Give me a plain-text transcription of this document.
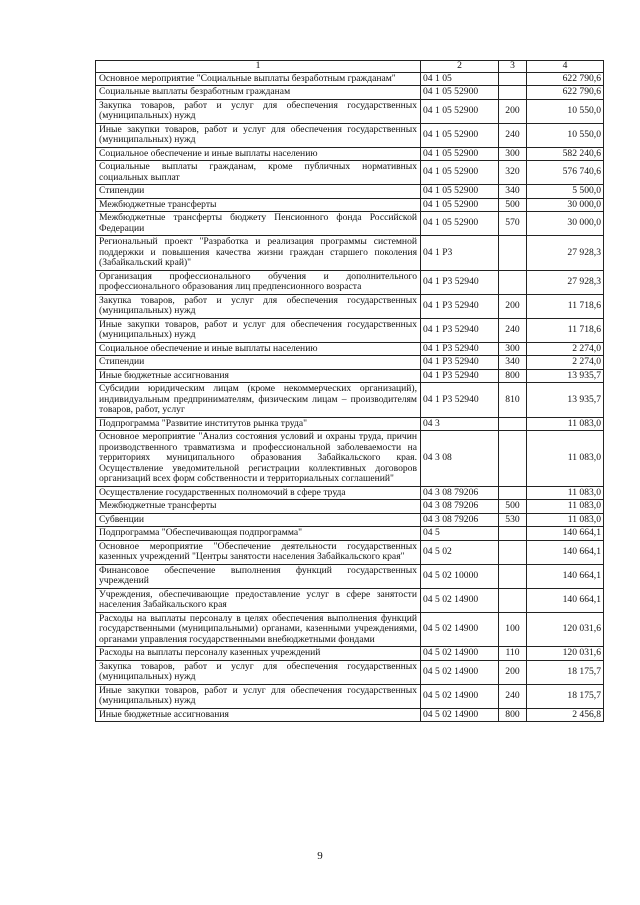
1	2	3	4
Основное мероприятие "Социальные выплаты безработным гражданам"	04 1 05		622 790,6
Социальные выплаты безработным гражданам	04 1 05 52900		622 790,6
Закупка товаров, работ и услуг для обеспечения государственных (муниципальных) нужд	04 1 05 52900	200	10 550,0
Иные закупки товаров, работ и услуг для обеспечения государственных (муниципальных) нужд	04 1 05 52900	240	10 550,0
Социальное обеспечение и иные выплаты населению	04 1 05 52900	300	582 240,6
Социальные выплаты гражданам, кроме публичных нормативных социальных выплат	04 1 05 52900	320	576 740,6
Стипендии	04 1 05 52900	340	5 500,0
Межбюджетные трансферты	04 1 05 52900	500	30 000,0
Межбюджетные трансферты бюджету Пенсионного фонда Российской Федерации	04 1 05 52900	570	30 000,0
Региональный проект "Разработка и реализация программы системной поддержки и повышения качества жизни граждан старшего поколения (Забайкальский край)"	04 1 P3		27 928,3
Организация профессионального обучения и дополнительного профессионального образования лиц предпенсионного возраста	04 1 P3 52940		27 928,3
Закупка товаров, работ и услуг для обеспечения государственных (муниципальных) нужд	04 1 P3 52940	200	11 718,6
Иные закупки товаров, работ и услуг для обеспечения государственных (муниципальных) нужд	04 1 P3 52940	240	11 718,6
Социальное обеспечение и иные выплаты населению	04 1 P3 52940	300	2 274,0
Стипендии	04 1 P3 52940	340	2 274,0
Иные бюджетные ассигнования	04 1 P3 52940	800	13 935,7
Субсидии юридическим лицам (кроме некоммерческих организаций), индивидуальным предпринимателям, физическим лицам – производителям товаров, работ, услуг	04 1 P3 52940	810	13 935,7
Подпрограмма "Развитие институтов рынка труда"	04 3		11 083,0
Основное мероприятие "Анализ состояния условий и охраны труда, причин производственного травматизма и профессиональной заболеваемости на территориях муниципального образования Забайкальского края. Осуществление уведомительной регистрации коллективных договоров организаций всех форм собственности и территориальных соглашений"	04 3 08		11 083,0
Осуществление государственных полномочий в сфере труда	04 3 08 79206		11 083,0
Межбюджетные трансферты	04 3 08 79206	500	11 083,0
Субвенции	04 3 08 79206	530	11 083,0
Подпрограмма "Обеспечивающая подпрограмма"	04 5		140 664,1
Основное мероприятие "Обеспечение деятельности государственных казенных учреждений "Центры занятости населения Забайкальского края"	04 5 02		140 664,1
Финансовое обеспечение выполнения функций государственных учреждений	04 5 02 10000		140 664,1
Учреждения, обеспечивающие предоставление услуг в сфере занятости населения Забайкальского края	04 5 02 14900		140 664,1
Расходы на выплаты персоналу в целях обеспечения выполнения функций государственными (муниципальными) органами, казенными учреждениями, органами управления государственными внебюджетными фондами	04 5 02 14900	100	120 031,6
Расходы на выплаты персоналу казенных учреждений	04 5 02 14900	110	120 031,6
Закупка товаров, работ и услуг для обеспечения государственных (муниципальных) нужд	04 5 02 14900	200	18 175,7
Иные закупки товаров, работ и услуг для обеспечения государственных (муниципальных) нужд	04 5 02 14900	240	18 175,7
Иные бюджетные ассигнования	04 5 02 14900	800	2 456,8
9
